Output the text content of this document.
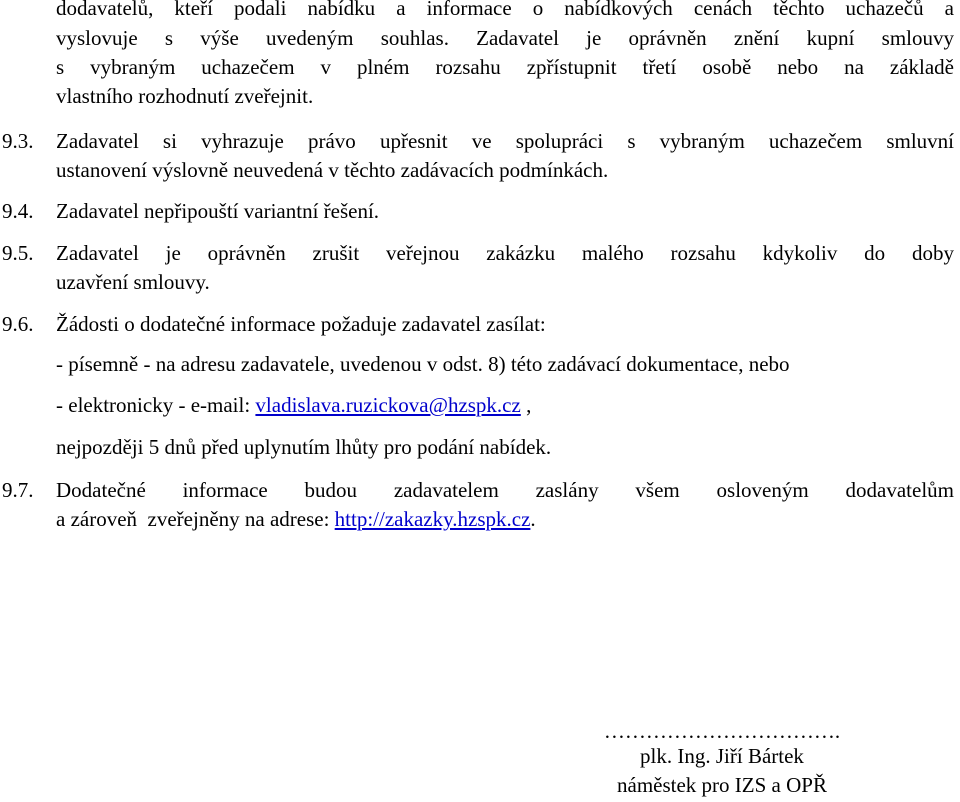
dodavatelů, kteří podali nabídku a informace o nabídkových cenách těchto uchazečů a
vyslovuje s výše uvedeným souhlas. Zadavatel je oprávněn znění kupní smlouvy
s vybraným uchazečem v plném rozsahu zpřístupnit třetí osobě nebo na základě
vlastního rozhodnutí zveřejnit.
9.3. Zadavatel si vyhrazuje právo upřesnit ve spolupráci s vybraným uchazečem smluvní
ustanovení výslovně neuvedená v těchto zadávacích podmínkách.
9.4. Zadavatel nepřipouští variantní řešení.
9.5. Zadavatel je oprávněn zrušit veřejnou zakázku malého rozsahu kdykoliv do doby
uzavření smlouvy.
9.6. Žádosti o dodatečné informace požaduje zadavatel zasílat:
- písemně - na adresu zadavatele, uvedenou v odst. 8) této zadávací dokumentace, nebo
- elektronicky - e-mail: vladislava.ruzickova@hzspk.cz ,
nejpozději 5 dnů před uplynutím lhůty pro podání nabídek.
9.7. Dodatečné informace budou zadavatelem zaslány všem osloveným dodavatelům
a zároveň  zveřejněny na adrese: http://zakazky.hzspk.cz.
…………………………….
plk. Ing. Jiří Bártek
náměstek pro IZS a OPŘ
